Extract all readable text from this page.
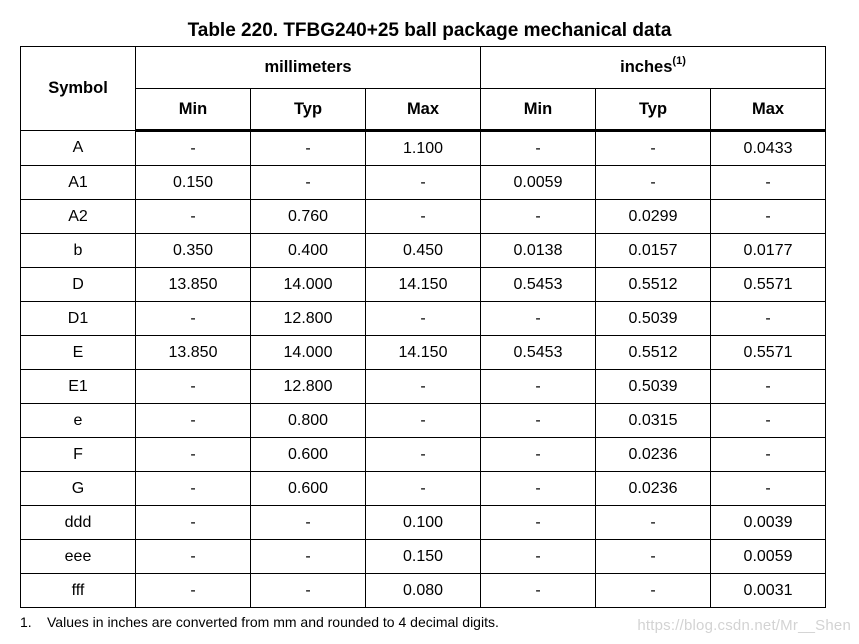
Table 220. TFBG240+25 ball package mechanical data
Symbol	millimeters			inches$^{(1)}$
	Min	Typ	Max	Min	Typ	Max
A	-	-	1.100	-	-	0.0433
A1	0.150	-	-	0.0059	-	-
A2	-	0.760	-	-	0.0299	-
b	0.350	0.400	0.450	0.0138	0.0157	0.0177
D	13.850	14.000	14.150	0.5453	0.5512	0.5571
D1	-	12.800	-	-	0.5039	-
E	13.850	14.000	14.150	0.5453	0.5512	0.5571
E1	-	12.800	-	-	0.5039	-
e	-	0.800	-	-	0.0315	-
F	-	0.600	-	-	0.0236	-
G	-	0.600	-	-	0.0236	-
ddd	-	-	0.100	-	-	0.0039
eee	-	-	0.150	-	-	0.0059
fff	-	-	0.080	-	-	0.0031
1. Values in inches are converted from mm and rounded to 4 decimal digits.	https://blog.csdn.net/Mr__Shen
